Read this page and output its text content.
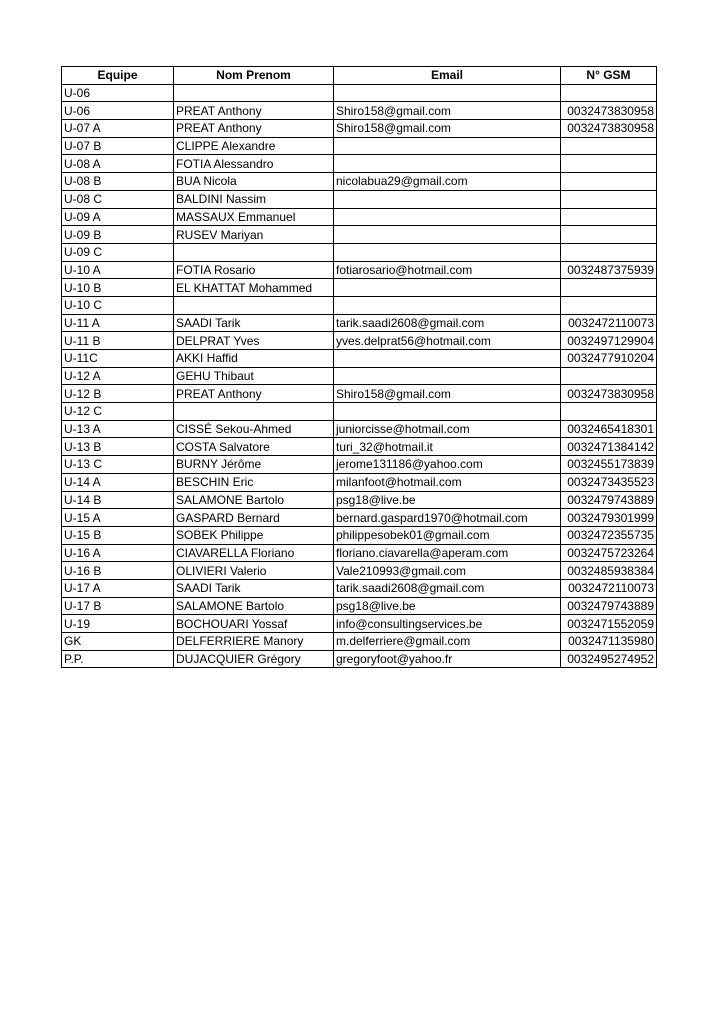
Equipe	Nom Prenom	Email	N° GSM
U-06			
U-06	PREAT Anthony	Shiro158@gmail.com	0032473830958
U-07 A	PREAT Anthony	Shiro158@gmail.com	0032473830958
U-07 B	CLIPPE Alexandre		
U-08 A	FOTIA Alessandro		
U-08 B	BUA Nicola	nicolabua29@gmail.com	
U-08 C	BALDINI Nassim		
U-09 A	MASSAUX Emmanuel		
U-09 B	RUSEV Mariyan		
U-09 C			
U-10 A	FOTIA Rosario	fotiarosario@hotmail.com	0032487375939
U-10 B	EL KHATTAT Mohammed		
U-10 C			
U-11 A	SAADI Tarik	tarik.saadi2608@gmail.com	0032472110073
U-11 B	DELPRAT Yves	yves.delprat56@hotmail.com	0032497129904
U-11C	AKKI Haffid		0032477910204
U-12 A	GEHU Thibaut		
U-12 B	PREAT Anthony	Shiro158@gmail.com	0032473830958
U-12 C			
U-13 A	CISSÉ Sekou-Ahmed	juniorcisse@hotmail.com	0032465418301
U-13 B	COSTA Salvatore	turi_32@hotmail.it	0032471384142
U-13 C	BURNY Jérôme	jerome131186@yahoo.com	0032455173839
U-14 A	BESCHIN Eric	milanfoot@hotmail.com	0032473435523
U-14 B	SALAMONE Bartolo	psg18@live.be	0032479743889
U-15 A	GASPARD Bernard	bernard.gaspard1970@hotmail.com	0032479301999
U-15 B	SOBEK Philippe	philippesobek01@gmail.com	0032472355735
U-16 A	CIAVARELLA Floriano	floriano.ciavarella@aperam.com	0032475723264
U-16 B	OLIVIERI Valerio	Vale210993@gmail.com	0032485938384
U-17 A	SAADI Tarik	tarik.saadi2608@gmail.com	0032472110073
U-17 B	SALAMONE Bartolo	psg18@live.be	0032479743889
U-19	BOCHOUARI Yossaf	info@consultingservices.be	0032471552059
GK	DELFERRIERE Manory	m.delferriere@gmail.com	0032471135980
P.P.	DUJACQUIER Grégory	gregoryfoot@yahoo.fr	0032495274952
